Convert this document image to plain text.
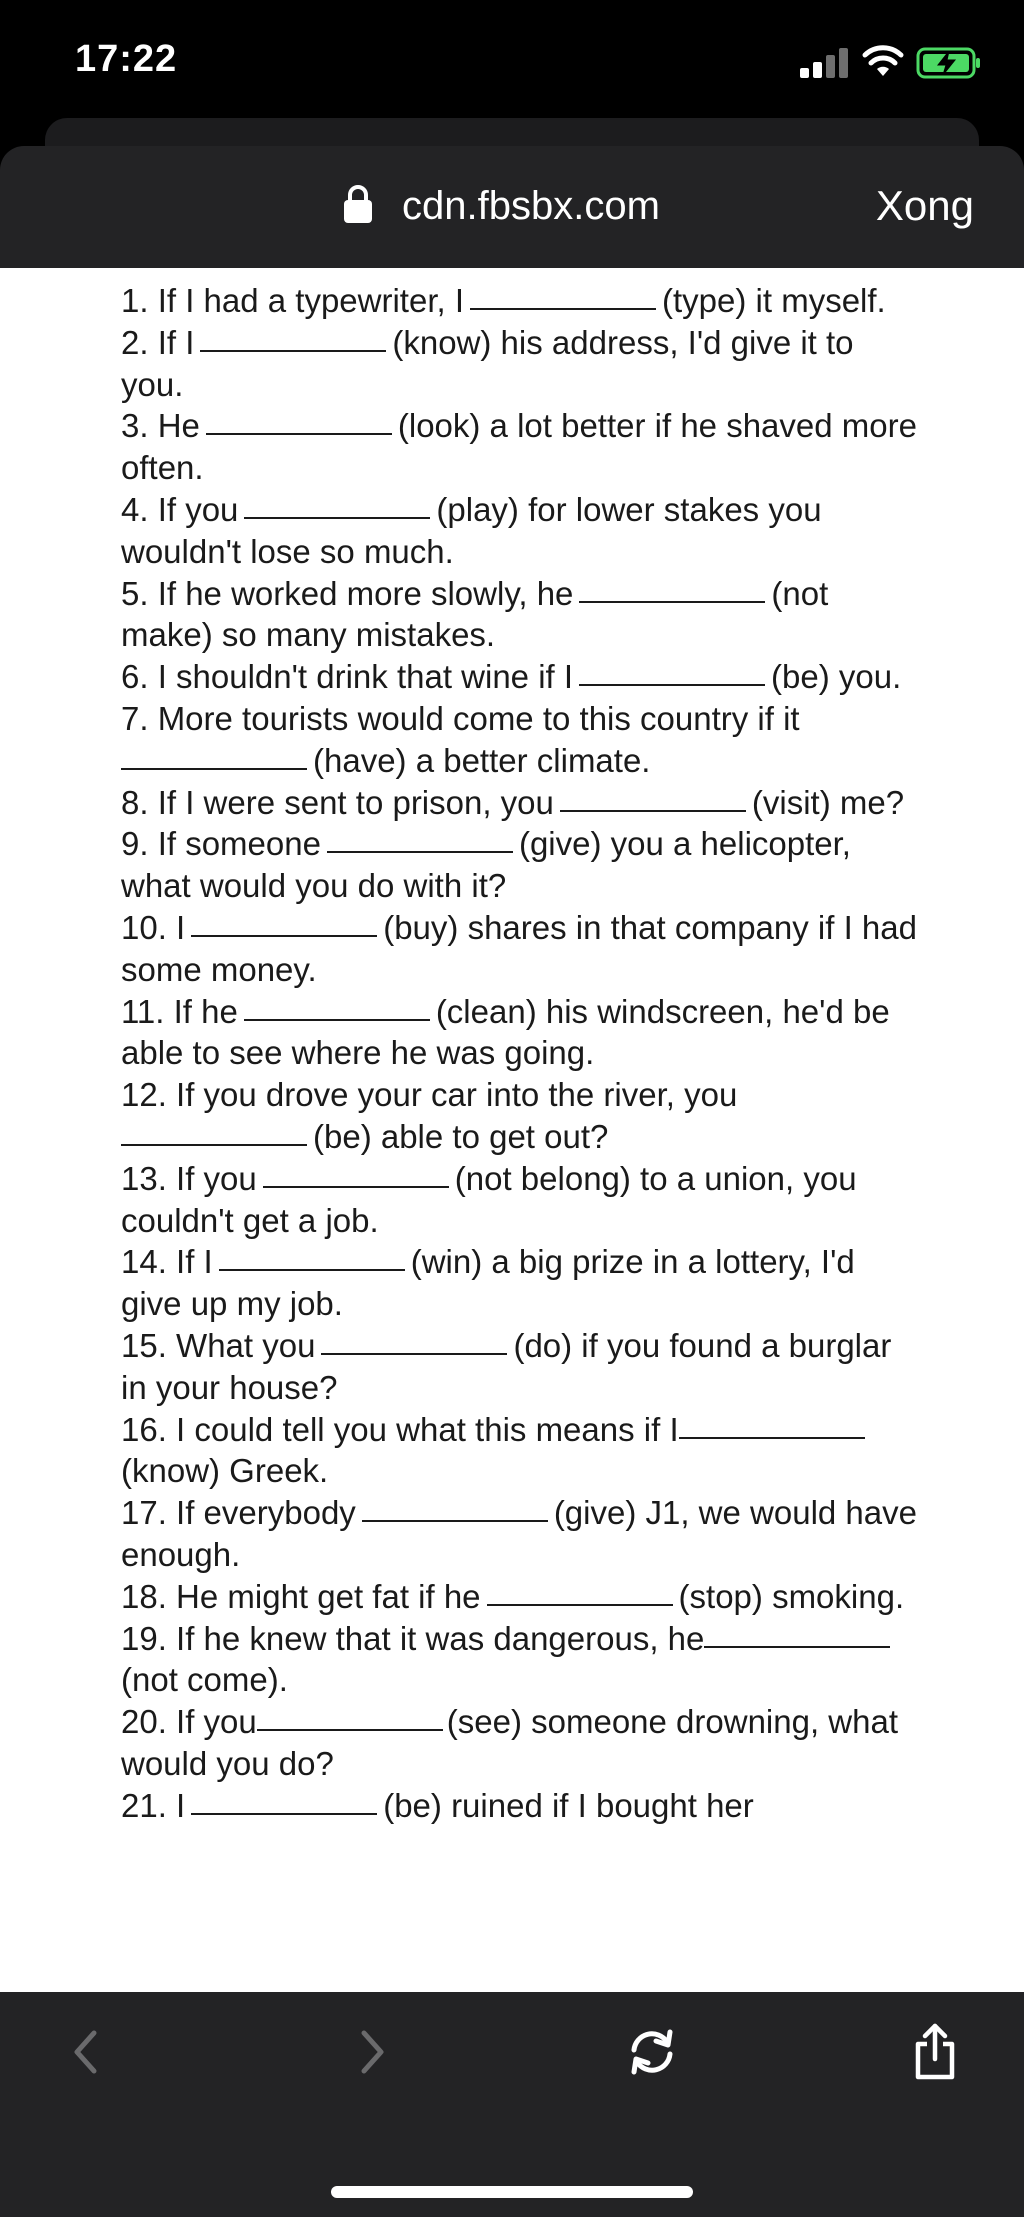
17:22
cdn.fbsbx.com	Xong
1. If I had a typewriter, I	(type) it myself.
2. If I	(know) his address, I'd give it to you.
3. He	(look) a lot better if he shaved more often.
4. If you	(play) for lower stakes you wouldn't lose so much.
5. If he worked more slowly, he	(not make) so many mistakes.
6. I shouldn't drink that wine if I	(be) you.
7. More tourists would come to this country if it(have) a better climate.
8. If I were sent to prison, you	(visit) me?
9. If someone	(give) you a helicopter, what would you do with it?
10. I	(buy) shares in that company if I had some money.
11. If he	(clean) his windscreen, he'd be able to see where he was going.
12. If you drove your car into the river, you(be) able to get out?
13. If you	(not belong) to a union, you couldn't get a job.
14. If I	(win) a big prize in a lottery, I'd give up my job.
15. What you	(do) if you found a burglar in your house?
16. I could tell you what this means if I(know) Greek.
17. If everybody	(give) J1, we would have enough.
18. He might get fat if he	(stop) smoking.
19. If he knew that it was dangerous, he(not come).
20. If you	(see) someone drowning, what would you do?
21. I	(be) ruined if I bought her
